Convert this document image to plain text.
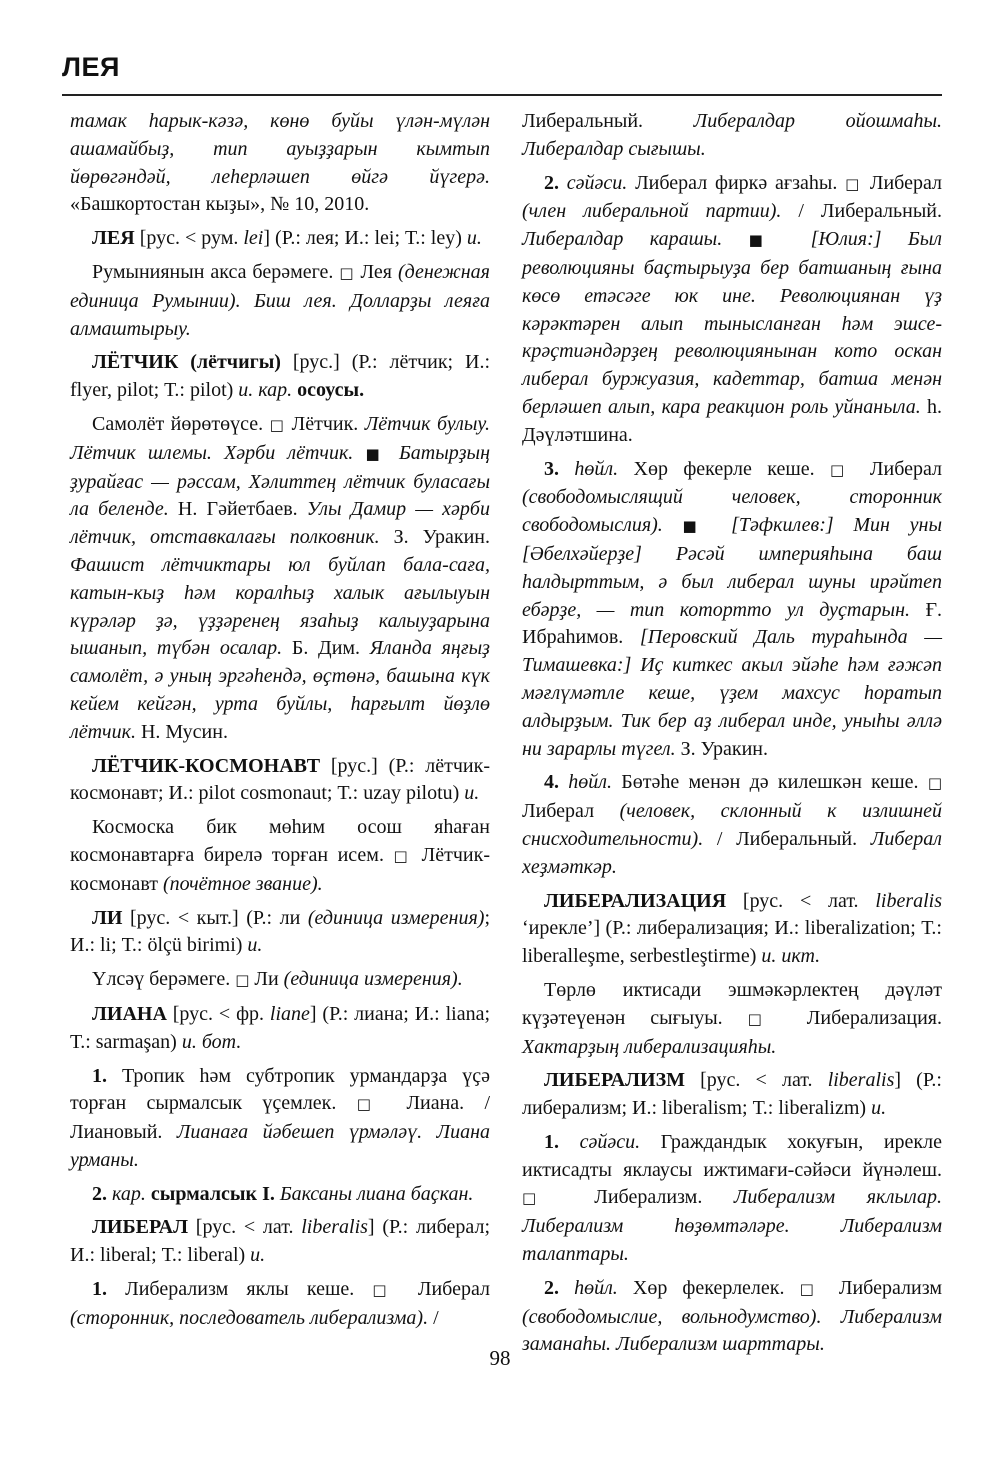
ЛЕЯ

тамак hарык-кәзә, көнө буйы үлән-мүлән ашамайбыҙ, тип ауыҙҙарын кымтып йөрөгәндәй, леhерләшеп өйгә йүгерә. «Башкортостан кыҙы», № 10, 2010.

ЛЕЯ [рус. < рум. lei] (Р.: лея; И.: lei; Т.: ley) и.

Румыниянын акса берәмеге. □ Лея (денежная единица Румынии). Биш лея. Долларҙы леяға алмаштырыу.

ЛЁТЧИК (лётчигы) [рус.] (Р.: лётчик; И.: flyer, pilot; Т.: pilot) и. кар. осоусы.

Самолёт йөрөтөүсе. □ Лётчик. Лётчик булыу. Лётчик шлемы. Хәрби лётчик. ■ Батырҙың ҙурайғас — рәссам, Хәлиттең лётчик буласағы ла беленде. Н. Гәйетбаев. Улы Дамир — хәрби лётчик, отставкалағы полковник. З. Уракин. Фашист лётчиктары юл буйлап бала-сағa, катын-кыҙ hәм коралhыҙ халык ағылыуын күрәләр ҙә, үҙҙәренең язаhыҙ калыуҙарына ышанып, түбән осалар. Б. Дим. Яланда яңғыҙ самолёт, ә уның эргәhендә, өҫтөнә, башына күк кейем кейгән, урта буйлы, hарғылт йөҙлө лётчик. Н. Мусин.

ЛЁТЧИК-КОСМОНАВТ [рус.] (Р.: лётчик-космонавт; И.: pilot cosmonaut; Т.: uzay pilotu) и.

Космоска бик мөhим осош яhаған космонавтарға бирелә торған исем. □ Лётчик-космонавт (почётное звание).

ЛИ [рус. < кыт.] (Р.: ли (единица измерения); И.: li; Т.: ölçü birimi) и.

Үлсәү берәмеге. □ Ли (единица измерения).

ЛИАНА [рус. < фр. liane] (Р.: лиана; И.: liana; Т.: sarmaşan) и. бот.

1. Тропик hәм субтропик урмандарҙа үҫә торған сырмалсык үҫемлек. □ Лиана. / Лиановый. Лианаға йәбешеп үрмәләү. Лиана урманы.

2. кар. сырмалсык I. Баксаны лиана баҫкан.

ЛИБЕРАЛ [рус. < лат. liberalis] (Р.: либерал; И.: liberal; Т.: liberal) и.

1. Либерализм яклы кеше. □ Либерал (сторонник, последователь либерализма). /

Либеральный. Либералдар ойошмаhы. Либералдар сығышы.

2. сәйәси. Либерал фиркә ағзаhы. □ Либерал (член либеральной партии). / Либеральный. Либералдар карашы. ■ [Юлия:] Был революцияны баҫтырыуҙа бер батшаның ғына көсө етәсәге юк ине. Революциянан үҙ кәрәктәрен алып тынысланған hәм эшсе-крәҫтиәндәрҙең революциянынан кото оскан либерал буржуазия, кадеттар, батша менән берләшеп алып, кара реакцион роль уйнаныла. h. Дәүләтшина.

3. hөйл. Хөр фекерле кеше. □ Либерал (свободомыслящий человек, сторонник свободомыслия). ■ [Тәфкилев:] Мин уны [Әбелхәйерҙе] Рәсәй империяhына баш hалдырттым, ә был либерал шуны ирәйтеп ебәрҙе, — тип котортто ул дуҫтарын. Ғ. Ибраhимов. [Перовский Даль тураhында — Тимашевка:] Иҫ киткес акыл эйәhе hәм ғәжәп мәғлүмәтле кеше, үҙем махсус hоратып алдырҙым. Тик бер аҙ либерал инде, уныhы әллә ни зарарлы түгел. З. Уракин.

4. hөйл. Бөтәhе менән дә килешкән кеше. □ Либерал (человек, склонный к излишней снисходительности). / Либеральный. Либерал хеҙмәткәр.

ЛИБЕРАЛИЗАЦИЯ [рус. < лат. liberalis ‘ирекле’] (Р.: либерализация; И.: liberalization; Т.: liberalleşme, serbestleştirme) и. икт.

Төрлө иктисади эшмәкәрлектең дәүләт күҙәтеүенән сығыуы. □ Либерализация. Хактарҙың либерализацияhы.

ЛИБЕРАЛИЗМ [рус. < лат. liberalis] (Р.: либерализм; И.: liberalism; Т.: liberalizm) и.

1. сәйәси. Граждандык хокуғын, ирекле иктисадты яклаусы ижтимағи-сәйәси йүнәлеш. □ Либерализм. Либерализм яклылар. Либерализм hөҙөмтәләре. Либерализм талаптары.

2. hөйл. Хөр фекерлелек. □ Либерализм (свободомыслие, вольнодумство). Либерализм заманаhы. Либерализм шарттары.

98
